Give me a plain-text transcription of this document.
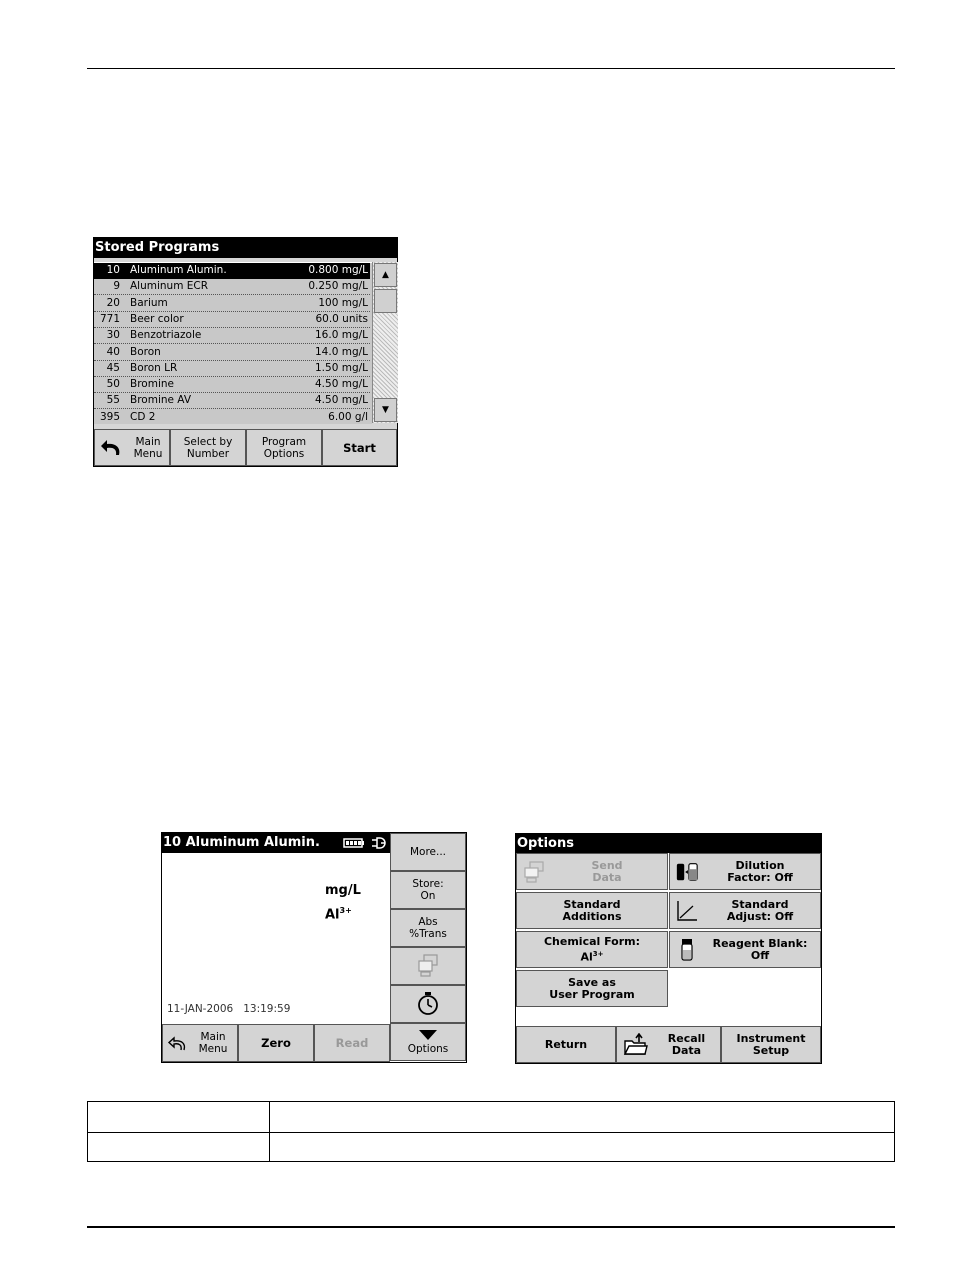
Stored Programs
10 Aluminum Alumin.	0.800 mg/L
9 Aluminum ECR	0.250 mg/L
20 Barium	100 mg/L
771 Beer color	60.0 units
30 Benzotriazole	16.0 mg/L
40 Boron	14.0 mg/L
45 Boron LR	1.50 mg/L
50 Bromine	4.50 mg/L
55 Bromine AV	4.50 mg/L
395 CD 2	6.00 g/l
▲
▼
Main
Menu
Select by
Number
Program
Options	Start
10 Aluminum Alumin.
mg/L
$Al^{3+}$
11-JAN-2006 13:19:59
More...
Store:
On
Abs
%Trans

Options
Main
Menu	Zero	Read
Options
Send
Data
Dilution
Factor: Off
Standard
Additions
Standard
Adjust: Off
Chemical Form:
$Al^{3+}$
Reagent Blank:
Off
Save as
User Program
Return	Recall
Data
Instrument
Setup
